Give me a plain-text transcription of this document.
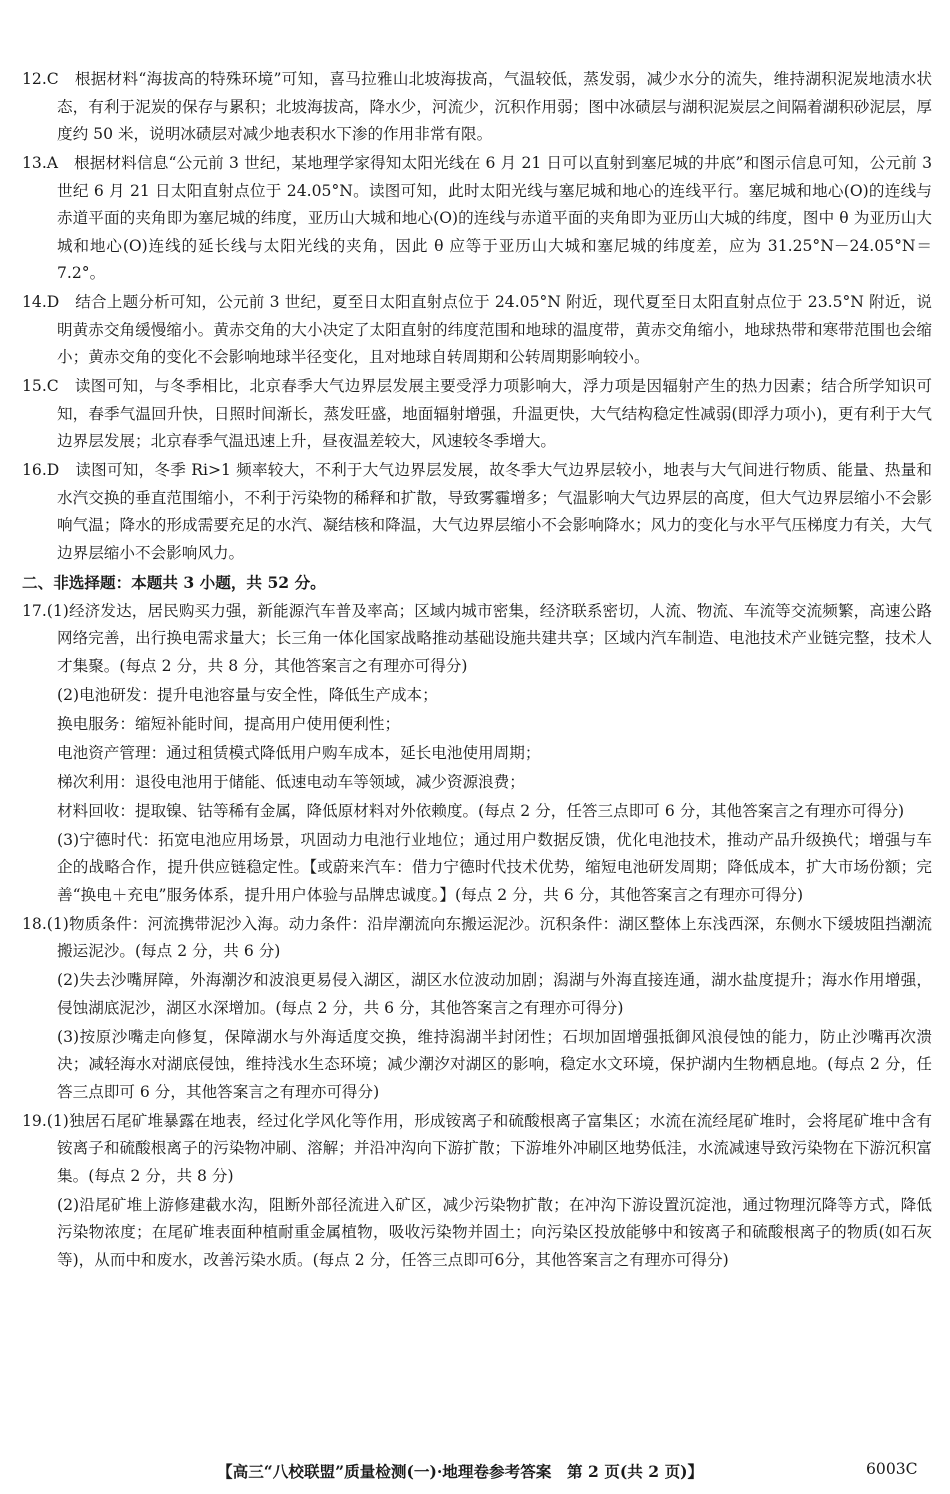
12.C　根据材料“海拔高的特殊环境”可知，喜马拉雅山北坡海拔高，气温较低，蒸发弱，减少水分的流失，维持湖积泥炭地渍水状态，有利于泥炭的保存与累积；北坡海拔高，降水少，河流少，沉积作用弱；图中冰碛层与湖积泥炭层之间隔着湖积砂泥层，厚度约 50 米，说明冰碛层对减少地表积水下渗的作用非常有限。

13.A　根据材料信息“公元前 3 世纪，某地理学家得知太阳光线在 6 月 21 日可以直射到塞尼城的井底”和图示信息可知，公元前 3 世纪 6 月 21 日太阳直射点位于 24.05°N。读图可知，此时太阳光线与塞尼城和地心的连线平行。塞尼城和地心(O)的连线与赤道平面的夹角即为塞尼城的纬度，亚历山大城和地心(O)的连线与赤道平面的夹角即为亚历山大城的纬度，图中 θ 为亚历山大城和地心(O)连线的延长线与太阳光线的夹角，因此 θ 应等于亚历山大城和塞尼城的纬度差，应为 31.25°N－24.05°N＝7.2°。

14.D　结合上题分析可知，公元前 3 世纪，夏至日太阳直射点位于 24.05°N 附近，现代夏至日太阳直射点位于 23.5°N 附近，说明黄赤交角缓慢缩小。黄赤交角的大小决定了太阳直射的纬度范围和地球的温度带，黄赤交角缩小，地球热带和寒带范围也会缩小；黄赤交角的变化不会影响地球半径变化，且对地球自转周期和公转周期影响较小。

15.C　读图可知，与冬季相比，北京春季大气边界层发展主要受浮力项影响大，浮力项是因辐射产生的热力因素；结合所学知识可知，春季气温回升快，日照时间渐长，蒸发旺盛，地面辐射增强，升温更快，大气结构稳定性减弱(即浮力项小)，更有利于大气边界层发展；北京春季气温迅速上升，昼夜温差较大，风速较冬季增大。

16.D　读图可知，冬季 Ri>1 频率较大，不利于大气边界层发展，故冬季大气边界层较小，地表与大气间进行物质、能量、热量和水汽交换的垂直范围缩小，不利于污染物的稀释和扩散，导致雾霾增多；气温影响大气边界层的高度，但大气边界层缩小不会影响气温；降水的形成需要充足的水汽、凝结核和降温，大气边界层缩小不会影响降水；风力的变化与水平气压梯度力有关，大气边界层缩小不会影响风力。

二、非选择题：本题共 3 小题，共 52 分。

17.(1)经济发达，居民购买力强，新能源汽车普及率高；区域内城市密集，经济联系密切，人流、物流、车流等交流频繁，高速公路网络完善，出行换电需求量大；长三角一体化国家战略推动基础设施共建共享；区域内汽车制造、电池技术产业链完整，技术人才集聚。(每点 2 分，共 8 分，其他答案言之有理亦可得分)

(2)电池研发：提升电池容量与安全性，降低生产成本；

换电服务：缩短补能时间，提高用户使用便利性；

电池资产管理：通过租赁模式降低用户购车成本，延长电池使用周期；

梯次利用：退役电池用于储能、低速电动车等领域，减少资源浪费；

材料回收：提取镍、钴等稀有金属，降低原材料对外依赖度。(每点 2 分，任答三点即可 6 分，其他答案言之有理亦可得分)

(3)宁德时代：拓宽电池应用场景，巩固动力电池行业地位；通过用户数据反馈，优化电池技术，推动产品升级换代；增强与车企的战略合作，提升供应链稳定性。【或蔚来汽车：借力宁德时代技术优势，缩短电池研发周期；降低成本，扩大市场份额；完善“换电＋充电”服务体系，提升用户体验与品牌忠诚度。】(每点 2 分，共 6 分，其他答案言之有理亦可得分)

18.(1)物质条件：河流携带泥沙入海。动力条件：沿岸潮流向东搬运泥沙。沉积条件：湖区整体上东浅西深，东侧水下缓坡阻挡潮流搬运泥沙。(每点 2 分，共 6 分)

(2)失去沙嘴屏障，外海潮汐和波浪更易侵入湖区，湖区水位波动加剧；潟湖与外海直接连通，湖水盐度提升；海水作用增强，侵蚀湖底泥沙，湖区水深增加。(每点 2 分，共 6 分，其他答案言之有理亦可得分)

(3)按原沙嘴走向修复，保障湖水与外海适度交换，维持潟湖半封闭性；石坝加固增强抵御风浪侵蚀的能力，防止沙嘴再次溃决；减轻海水对湖底侵蚀，维持浅水生态环境；减少潮汐对湖区的影响，稳定水文环境，保护湖内生物栖息地。(每点 2 分，任答三点即可 6 分，其他答案言之有理亦可得分)

19.(1)独居石尾矿堆暴露在地表，经过化学风化等作用，形成铵离子和硫酸根离子富集区；水流在流经尾矿堆时，会将尾矿堆中含有铵离子和硫酸根离子的污染物冲刷、溶解；并沿冲沟向下游扩散；下游堆外冲刷区地势低洼，水流减速导致污染物在下游沉积富集。(每点 2 分，共 8 分)

(2)沿尾矿堆上游修建截水沟，阻断外部径流进入矿区，减少污染物扩散；在冲沟下游设置沉淀池，通过物理沉降等方式，降低污染物浓度；在尾矿堆表面种植耐重金属植物，吸收污染物并固土；向污染区投放能够中和铵离子和硫酸根离子的物质(如石灰等)，从而中和废水，改善污染水质。(每点 2 分，任答三点即可6分，其他答案言之有理亦可得分)

【高三“八校联盟”质量检测(一)·地理卷参考答案　第 2 页(共 2 页)】	6003C
